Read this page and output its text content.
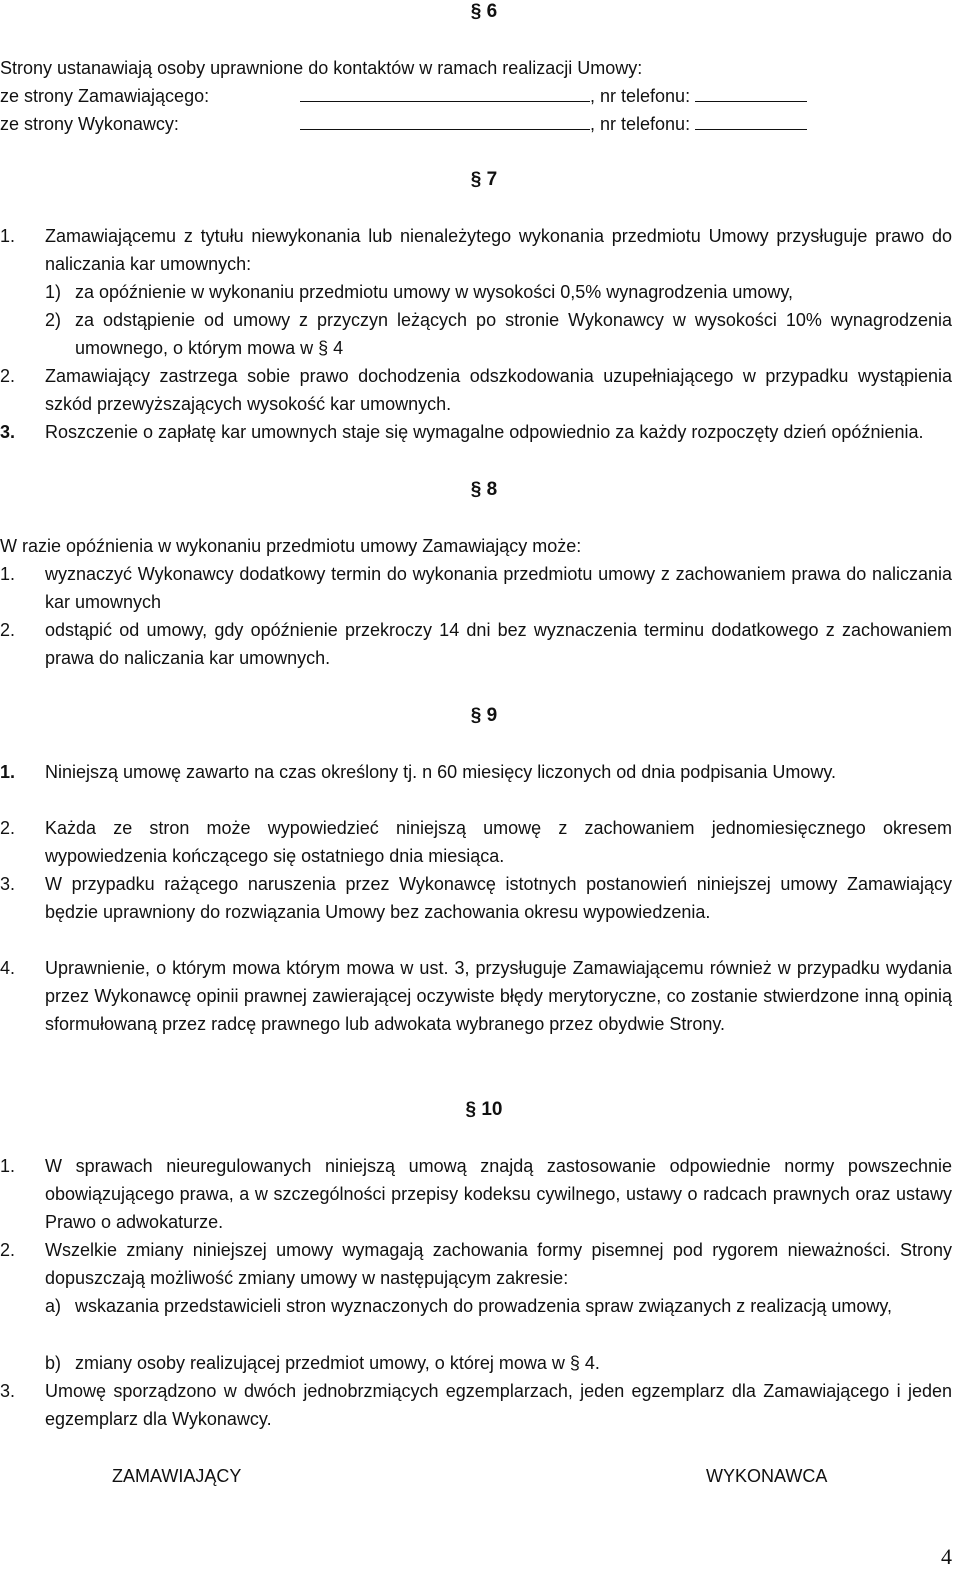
§ 6
Strony ustanawiają osoby uprawnione do kontaktów w ramach realizacji Umowy:
ze strony Zamawiającego:	, nr telefonu:
ze strony Wykonawcy:	, nr telefonu:
§ 7
1. Zamawiającemu z tytułu niewykonania lub nienależytego wykonania przedmiotu Umowy przysługuje prawo do naliczania kar umownych:
1) za opóźnienie w wykonaniu przedmiotu umowy w wysokości 0,5% wynagrodzenia umowy,
2) za odstąpienie od umowy z przyczyn leżących po stronie Wykonawcy w wysokości 10% wynagrodzenia umownego, o którym mowa w § 4
2. Zamawiający zastrzega sobie prawo dochodzenia odszkodowania uzupełniającego w przypadku wystąpienia szkód przewyższających wysokość kar umownych.
3. Roszczenie o zapłatę kar umownych staje się wymagalne odpowiednio za każdy rozpoczęty dzień opóźnienia.
§ 8
W razie opóźnienia w wykonaniu przedmiotu umowy Zamawiający może:
1. wyznaczyć Wykonawcy dodatkowy termin do wykonania przedmiotu umowy z zachowaniem prawa do naliczania kar umownych
2. odstąpić od umowy, gdy opóźnienie przekroczy 14 dni bez wyznaczenia terminu dodatkowego z zachowaniem prawa do naliczania kar umownych.
§ 9
1. Niniejszą umowę zawarto na czas określony tj. n 60 miesięcy liczonych od dnia podpisania Umowy.
2. Każda ze stron może wypowiedzieć niniejszą umowę z zachowaniem jednomiesięcznego okresem wypowiedzenia kończącego się ostatniego dnia miesiąca.
3. W przypadku rażącego naruszenia przez Wykonawcę istotnych postanowień niniejszej umowy Zamawiający będzie uprawniony do rozwiązania Umowy bez zachowania okresu wypowiedzenia.
4. Uprawnienie, o którym mowa którym mowa w ust. 3, przysługuje Zamawiającemu również w przypadku wydania przez Wykonawcę opinii prawnej zawierającej oczywiste błędy merytoryczne, co zostanie stwierdzone inną opinią sformułowaną przez radcę prawnego lub adwokata wybranego przez obydwie Strony.
§ 10
1. W sprawach nieuregulowanych niniejszą umową znajdą zastosowanie odpowiednie normy powszechnie obowiązującego prawa, a w szczególności przepisy kodeksu cywilnego, ustawy o radcach prawnych oraz ustawy Prawo o adwokaturze.
2. Wszelkie zmiany niniejszej umowy wymagają zachowania formy pisemnej pod rygorem nieważności. Strony dopuszczają możliwość zmiany umowy w następującym zakresie:
a) wskazania przedstawicieli stron wyznaczonych do prowadzenia spraw związanych z realizacją umowy,
b) zmiany osoby realizującej przedmiot umowy, o której mowa w § 4.
3. Umowę sporządzono w dwóch jednobrzmiących egzemplarzach, jeden egzemplarz dla Zamawiającego i jeden egzemplarz dla Wykonawcy.
ZAMAWIAJĄCY	WYKONAWCA
4
